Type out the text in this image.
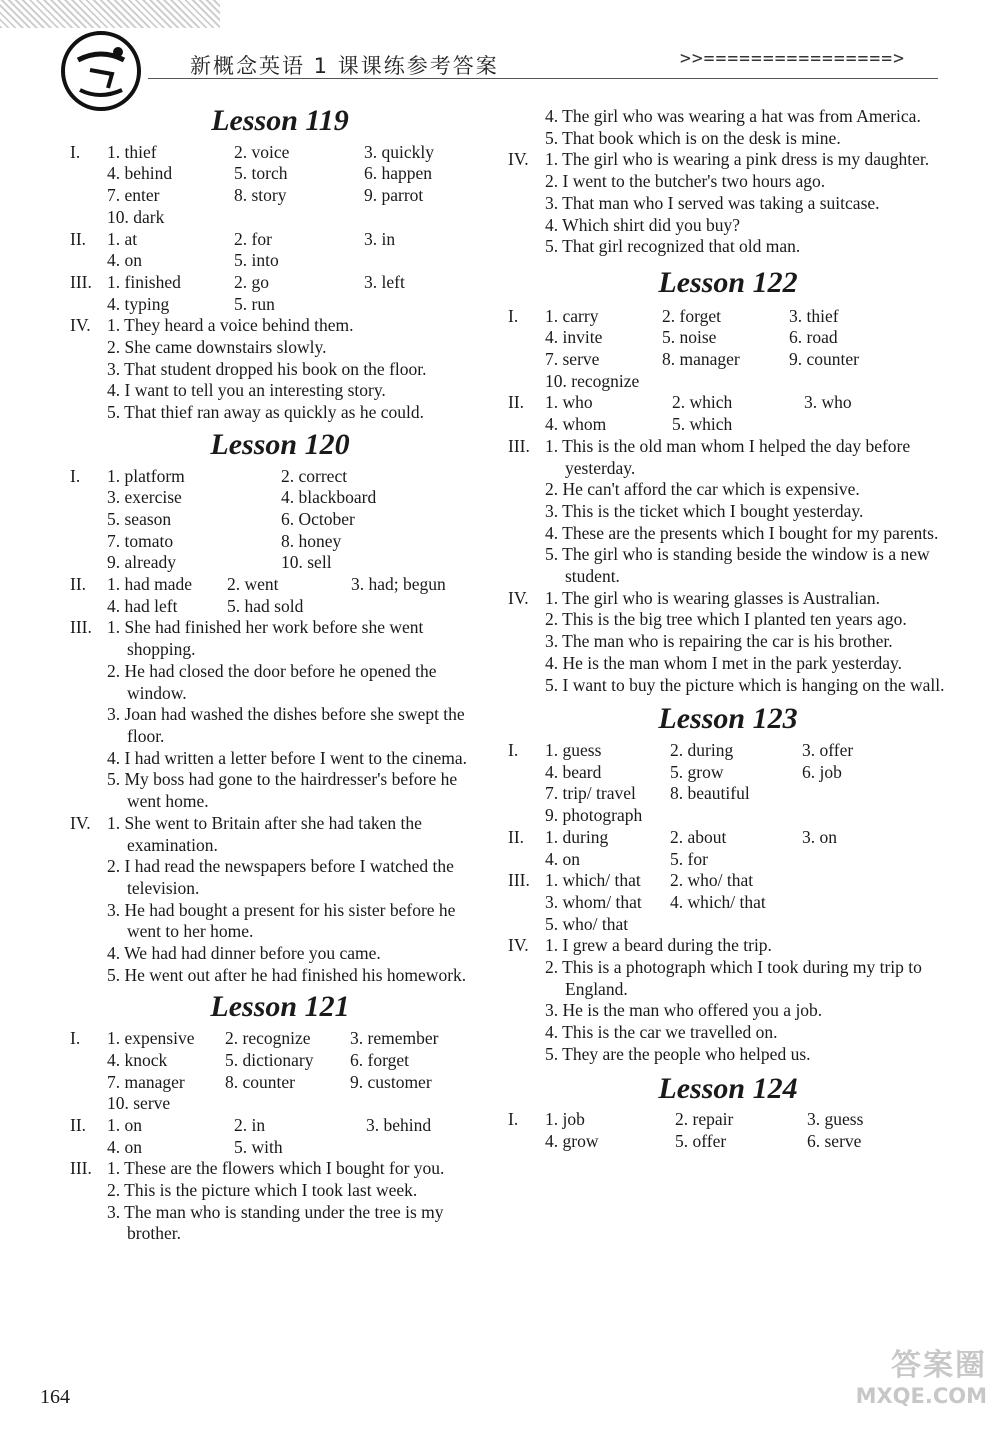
新概念英语 1 课课练参考答案	>>================>
Lesson 119
I. 1. thief	2. voice	3. quickly
4. behind	5. torch	6. happen
7. enter	8. story	9. parrot
10. dark
II. 1. at	2. for	3. in
4. on	5. into
III. 1. finished	2. go	3. left
4. typing	5. run
IV. 1. They heard a voice behind them.
2. She came downstairs slowly.
3. That student dropped his book on the floor.
4. I want to tell you an interesting story.
5. That thief ran away as quickly as he could.
Lesson 120
I. 1. platform	2. correct
3. exercise	4. blackboard
5. season	6. October
7. tomato	8. honey
9. already	10. sell
II. 1. had made	2. went	3. had; begun
4. had left	5. had sold
III. 1. She had finished her work before she went shopping.
2. He had closed the door before he opened the window.
3. Joan had washed the dishes before she swept the floor.
4. I had written a letter before I went to the cinema.
5. My boss had gone to the hairdresser's before he went home.
IV. 1. She went to Britain after she had taken the examination.
2. I had read the newspapers before I watched the television.
3. He had bought a present for his sister before he went to her home.
4. We had had dinner before you came.
5. He went out after he had finished his homework.
Lesson 121
I. 1. expensive	2. recognize	3. remember
4. knock	5. dictionary	6. forget
7. manager	8. counter	9. customer
10. serve
II. 1. on	2. in	3. behind
4. on	5. with
III. 1. These are the flowers which I bought for you.
2. This is the picture which I took last week.
3. The man who is standing under the tree is my brother.
4. The girl who was wearing a hat was from America.
5. That book which is on the desk is mine.
IV. 1. The girl who is wearing a pink dress is my daughter.
2. I went to the butcher's two hours ago.
3. That man who I served was taking a suitcase.
4. Which shirt did you buy?
5. That girl recognized that old man.
Lesson 122
I. 1. carry	2. forget	3. thief
4. invite	5. noise	6. road
7. serve	8. manager	9. counter
10. recognize
II. 1. who	2. which	3. who
4. whom	5. which
III. 1. This is the old man whom I helped the day before yesterday.
2. He can't afford the car which is expensive.
3. This is the ticket which I bought yesterday.
4. These are the presents which I bought for my parents.
5. The girl who is standing beside the window is a new student.
IV. 1. The girl who is wearing glasses is Australian.
2. This is the big tree which I planted ten years ago.
3. The man who is repairing the car is his brother.
4. He is the man whom I met in the park yesterday.
5. I want to buy the picture which is hanging on the wall.
Lesson 123
I. 1. guess	2. during	3. offer
4. beard	5. grow	6. job
7. trip/ travel	8. beautiful
9. photograph
II. 1. during	2. about	3. on
4. on	5. for
III. 1. which/ that	2. who/ that
3. whom/ that	4. which/ that
5. who/ that
IV. 1. I grew a beard during the trip.
2. This is a photograph which I took during my trip to England.
3. He is the man who offered you a job.
4. This is the car we travelled on.
5. They are the people who helped us.
Lesson 124
I. 1. job	2. repair	3. guess
4. grow	5. offer	6. serve
164
答案圈
MXQE.COM
